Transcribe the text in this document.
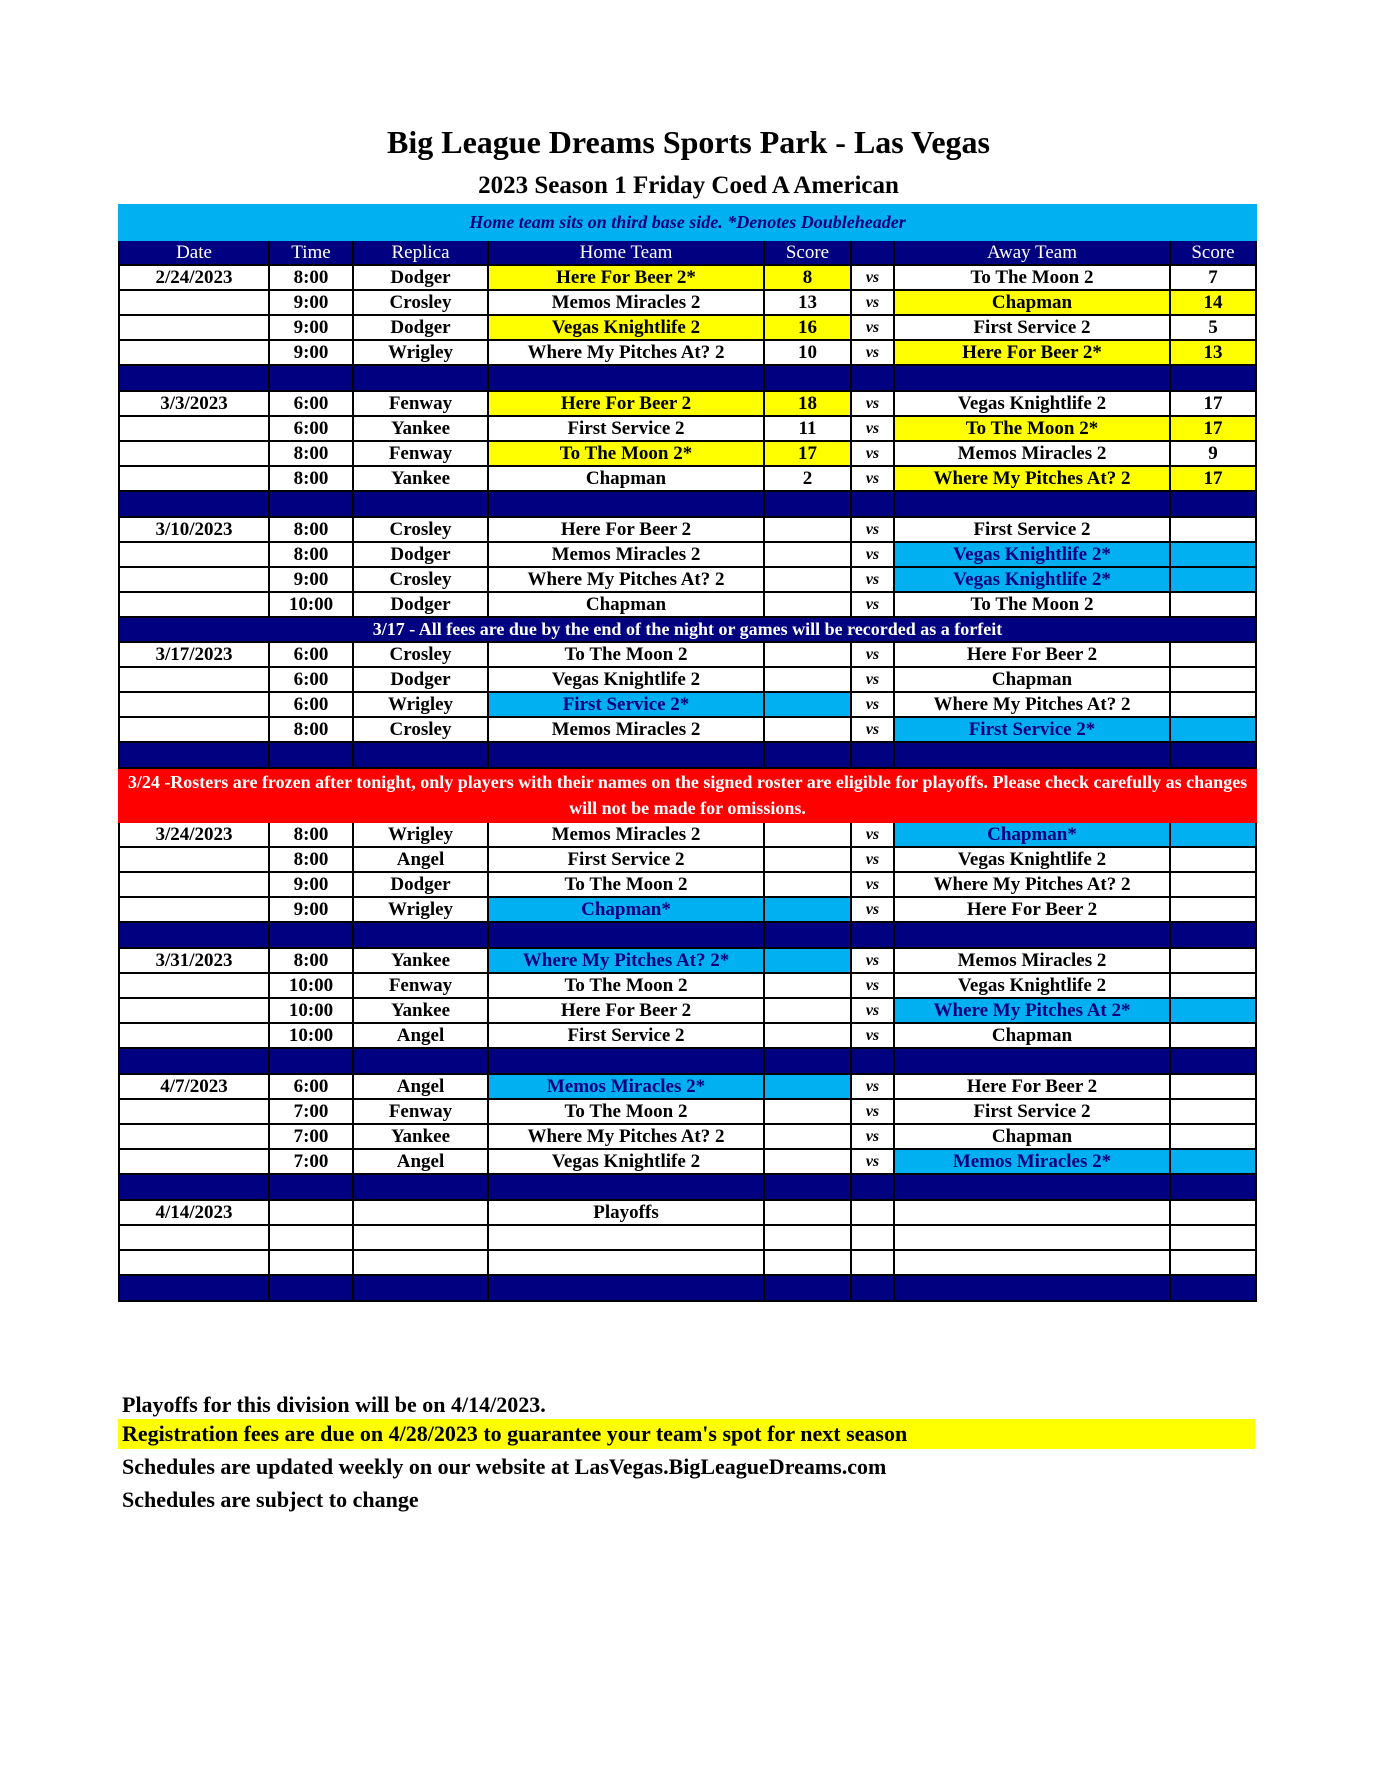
Big League Dreams Sports Park - Las Vegas
2023 Season 1 Friday Coed A American
Home team sits on third base side. *Denotes Doubleheader							
Date	Time	Replica	Home Team	Score		Away Team	Score
2/24/2023	8:00	Dodger	Here For Beer 2*	8	vs	To The Moon 2	7
	9:00	Crosley	Memos Miracles 2	13	vs	Chapman	14
	9:00	Dodger	Vegas Knightlife 2	16	vs	First Service 2	5
	9:00	Wrigley	Where My Pitches At? 2	10	vs	Here For Beer 2*	13

3/3/2023	6:00	Fenway	Here For Beer 2	18	vs	Vegas Knightlife 2	17
	6:00	Yankee	First Service 2	11	vs	To The Moon 2*	17
	8:00	Fenway	To The Moon 2*	17	vs	Memos Miracles 2	9
	8:00	Yankee	Chapman	2	vs	Where My Pitches At? 2	17

3/10/2023	8:00	Crosley	Here For Beer 2		vs	First Service 2	
	8:00	Dodger	Memos Miracles 2		vs	Vegas Knightlife 2*	
	9:00	Crosley	Where My Pitches At? 2		vs	Vegas Knightlife 2*	
	10:00	Dodger	Chapman		vs	To The Moon 2	
3/17 - All fees are due by the end of the night or games will be recorded as a forfeit							
3/17/2023	6:00	Crosley	To The Moon 2		vs	Here For Beer 2	
	6:00	Dodger	Vegas Knightlife 2		vs	Chapman	
	6:00	Wrigley	First Service 2*		vs	Where My Pitches At? 2	
	8:00	Crosley	Memos Miracles 2		vs	First Service 2*	

3/24 -Rosters are frozen after tonight, only players with their names on the signed roster are eligible for playoffs. Please check carefully as changes will not be made for omissions.							
3/24/2023	8:00	Wrigley	Memos Miracles 2		vs	Chapman*	
	8:00	Angel	First Service 2		vs	Vegas Knightlife 2	
	9:00	Dodger	To The Moon 2		vs	Where My Pitches At? 2	
	9:00	Wrigley	Chapman*		vs	Here For Beer 2	

3/31/2023	8:00	Yankee	Where My Pitches At? 2*		vs	Memos Miracles 2	
	10:00	Fenway	To The Moon 2		vs	Vegas Knightlife 2	
	10:00	Yankee	Here For Beer 2		vs	Where My Pitches At 2*	
	10:00	Angel	First Service 2		vs	Chapman	

4/7/2023	6:00	Angel	Memos Miracles 2*		vs	Here For Beer 2	
	7:00	Fenway	To The Moon 2		vs	First Service 2	
	7:00	Yankee	Where My Pitches At? 2		vs	Chapman	
	7:00	Angel	Vegas Knightlife 2		vs	Memos Miracles 2*	

4/14/2023			Playoffs				

Playoffs for this division will be on 4/14/2023.
Registration fees are due on 4/28/2023 to guarantee your team's spot for next season
Schedules are updated weekly on our website at LasVegas.BigLeagueDreams.com
Schedules are subject to change
